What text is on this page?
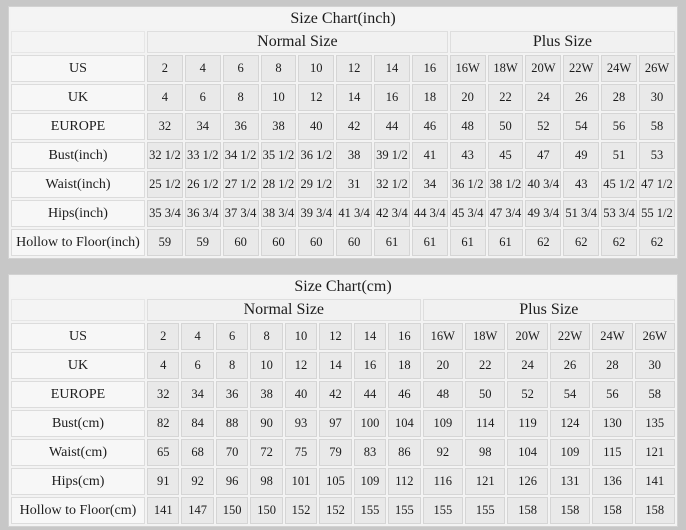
Size Chart(inch)														
	Normal Size								Plus Size					
US	2	4	6	8	10	12	14	16	16W	18W	20W	22W	24W	26W
UK	4	6	8	10	12	14	16	18	20	22	24	26	28	30
EUROPE	32	34	36	38	40	42	44	46	48	50	52	54	56	58
Bust(inch)	32 1/2	33 1/2	34 1/2	35 1/2	36 1/2	38	39 1/2	41	43	45	47	49	51	53
Waist(inch)	25 1/2	26 1/2	27 1/2	28 1/2	29 1/2	31	32 1/2	34	36 1/2	38 1/2	40 3/4	43	45 1/2	47 1/2
Hips(inch)	35 3/4	36 3/4	37 3/4	38 3/4	39 3/4	41 3/4	42 3/4	44 3/4	45 3/4	47 3/4	49 3/4	51 3/4	53 3/4	55 1/2
Hollow to Floor(inch)	59	59	60	60	60	60	61	61	61	61	62	62	62	62
Size Chart(cm)														
	Normal Size								Plus Size					
US	2	4	6	8	10	12	14	16	16W	18W	20W	22W	24W	26W
UK	4	6	8	10	12	14	16	18	20	22	24	26	28	30
EUROPE	32	34	36	38	40	42	44	46	48	50	52	54	56	58
Bust(cm)	82	84	88	90	93	97	100	104	109	114	119	124	130	135
Waist(cm)	65	68	70	72	75	79	83	86	92	98	104	109	115	121
Hips(cm)	91	92	96	98	101	105	109	112	116	121	126	131	136	141
Hollow to Floor(cm)	141	147	150	150	152	152	155	155	155	155	158	158	158	158
